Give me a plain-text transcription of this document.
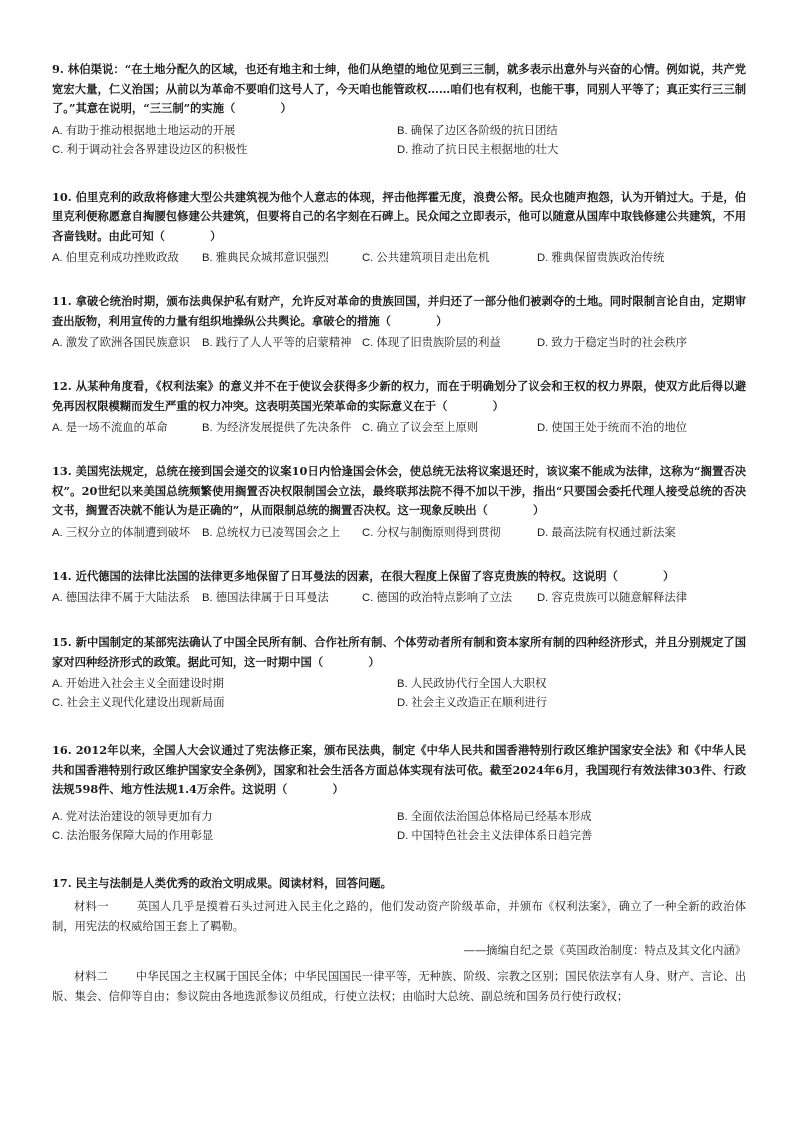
9. 林伯渠说：“在土地分配久的区域，也还有地主和士绅，他们从绝望的地位见到三三制，就多表示出意外与兴奋的心情。例如说，共产党宽宏大量，仁义治国；从前以为革命不要咱们这号人了，今天咱也能管政权……咱们也有权利，也能干事，同别人平等了；真正实行三三制了。”其意在说明，“三三制”的实施（　　　　）

A. 有助于推动根据地土地运动的开展	B. 确保了边区各阶级的抗日团结
C. 利于调动社会各界建设边区的积极性	D. 推动了抗日民主根据地的壮大

10. 伯里克利的政敌将修建大型公共建筑视为他个人意志的体现，抨击他挥霍无度，浪费公帑。民众也随声抱怨，认为开销过大。于是，伯里克利便称愿意自掏腰包修建公共建筑，但要将自己的名字刻在石碑上。民众闻之立即表示，他可以随意从国库中取钱修建公共建筑，不用吝啬钱财。由此可知（　　　　）

A. 伯里克利成功挫败政敌	B. 雅典民众城邦意识强烈	C. 公共建筑项目走出危机	D. 雅典保留贵族政治传统

11. 拿破仑统治时期，颁布法典保护私有财产，允许反对革命的贵族回国，并归还了一部分他们被剥夺的土地。同时限制言论自由，定期审查出版物，利用宣传的力量有组织地操纵公共舆论。拿破仑的措施（　　　　）

A. 激发了欧洲各国民族意识	B. 践行了人人平等的启蒙精神 C. 体现了旧贵族阶层的利益	D. 致力于稳定当时的社会秩序

12. 从某种角度看，《权利法案》的意义并不在于使议会获得多少新的权力，而在于明确划分了议会和王权的权力界限，使双方此后得以避免再因权限模糊而发生严重的权力冲突。这表明英国光荣革命的实际意义在于（　　　　）

A. 是一场不流血的革命	B. 为经济发展提供了先决条件 C. 确立了议会至上原则	D. 使国王处于统而不治的地位

13. 美国宪法规定，总统在接到国会递交的议案10日内恰逢国会休会，使总统无法将议案退还时，该议案不能成为法律，这称为“搁置否决权”。20世纪以来美国总统频繁使用搁置否决权限制国会立法，最终联邦法院不得不加以干涉，指出“只要国会委托代理人接受总统的否决文书，搁置否决就不能认为是正确的”，从而限制总统的搁置否决权。这一现象反映出（　　　　）

A. 三权分立的体制遭到破坏	B. 总统权力已凌驾国会之上	C. 分权与制衡原则得到贯彻	D. 最高法院有权通过新法案

14. 近代德国的法律比法国的法律更多地保留了日耳曼法的因素，在很大程度上保留了容克贵族的特权。这说明（　　　　）

A. 德国法律不属于大陆法系	B. 德国法律属于日耳曼法	C. 德国的政治特点影响了立法	D. 容克贵族可以随意解释法律

15. 新中国制定的某部宪法确认了中国全民所有制、合作社所有制、个体劳动者所有制和资本家所有制的四种经济形式，并且分别规定了国家对四种经济形式的政策。据此可知，这一时期中国（　　　　）

A. 开始进入社会主义全面建设时期	B. 人民政协代行全国人大职权
C. 社会主义现代化建设出现新局面	D. 社会主义改造正在顺利进行

16. 2012年以来，全国人大会议通过了宪法修正案，颁布民法典，制定《中华人民共和国香港特别行政区维护国家安全法》和《中华人民共和国香港特别行政区维护国家安全条例》，国家和社会生活各方面总体实现有法可依。截至2024年6月，我国现行有效法律303件、行政法规598件、地方性法规1.4万余件。这说明（　　　　）

A. 党对法治建设的领导更加有力	B. 全面依法治国总体格局已经基本形成
C. 法治服务保障大局的作用彰显	D. 中国特色社会主义法律体系日趋完善

17. 民主与法制是人类优秀的政治文明成果。阅读材料，回答问题。

材料一 英国人几乎是摸着石头过河进入民主化之路的，他们发动资产阶级革命，并颁布《权利法案》，确立了一种全新的政治体制，用宪法的权威给国王套上了羁勒。

——摘编自纪之景《英国政治制度：特点及其文化内涵》

材料二 中华民国之主权属于国民全体；中华民国国民一律平等，无种族、阶级、宗教之区别；国民依法享有人身、财产、言论、出版、集会、信仰等自由；参议院由各地选派参议员组成，行使立法权；由临时大总统、副总统和国务员行使行政权；
